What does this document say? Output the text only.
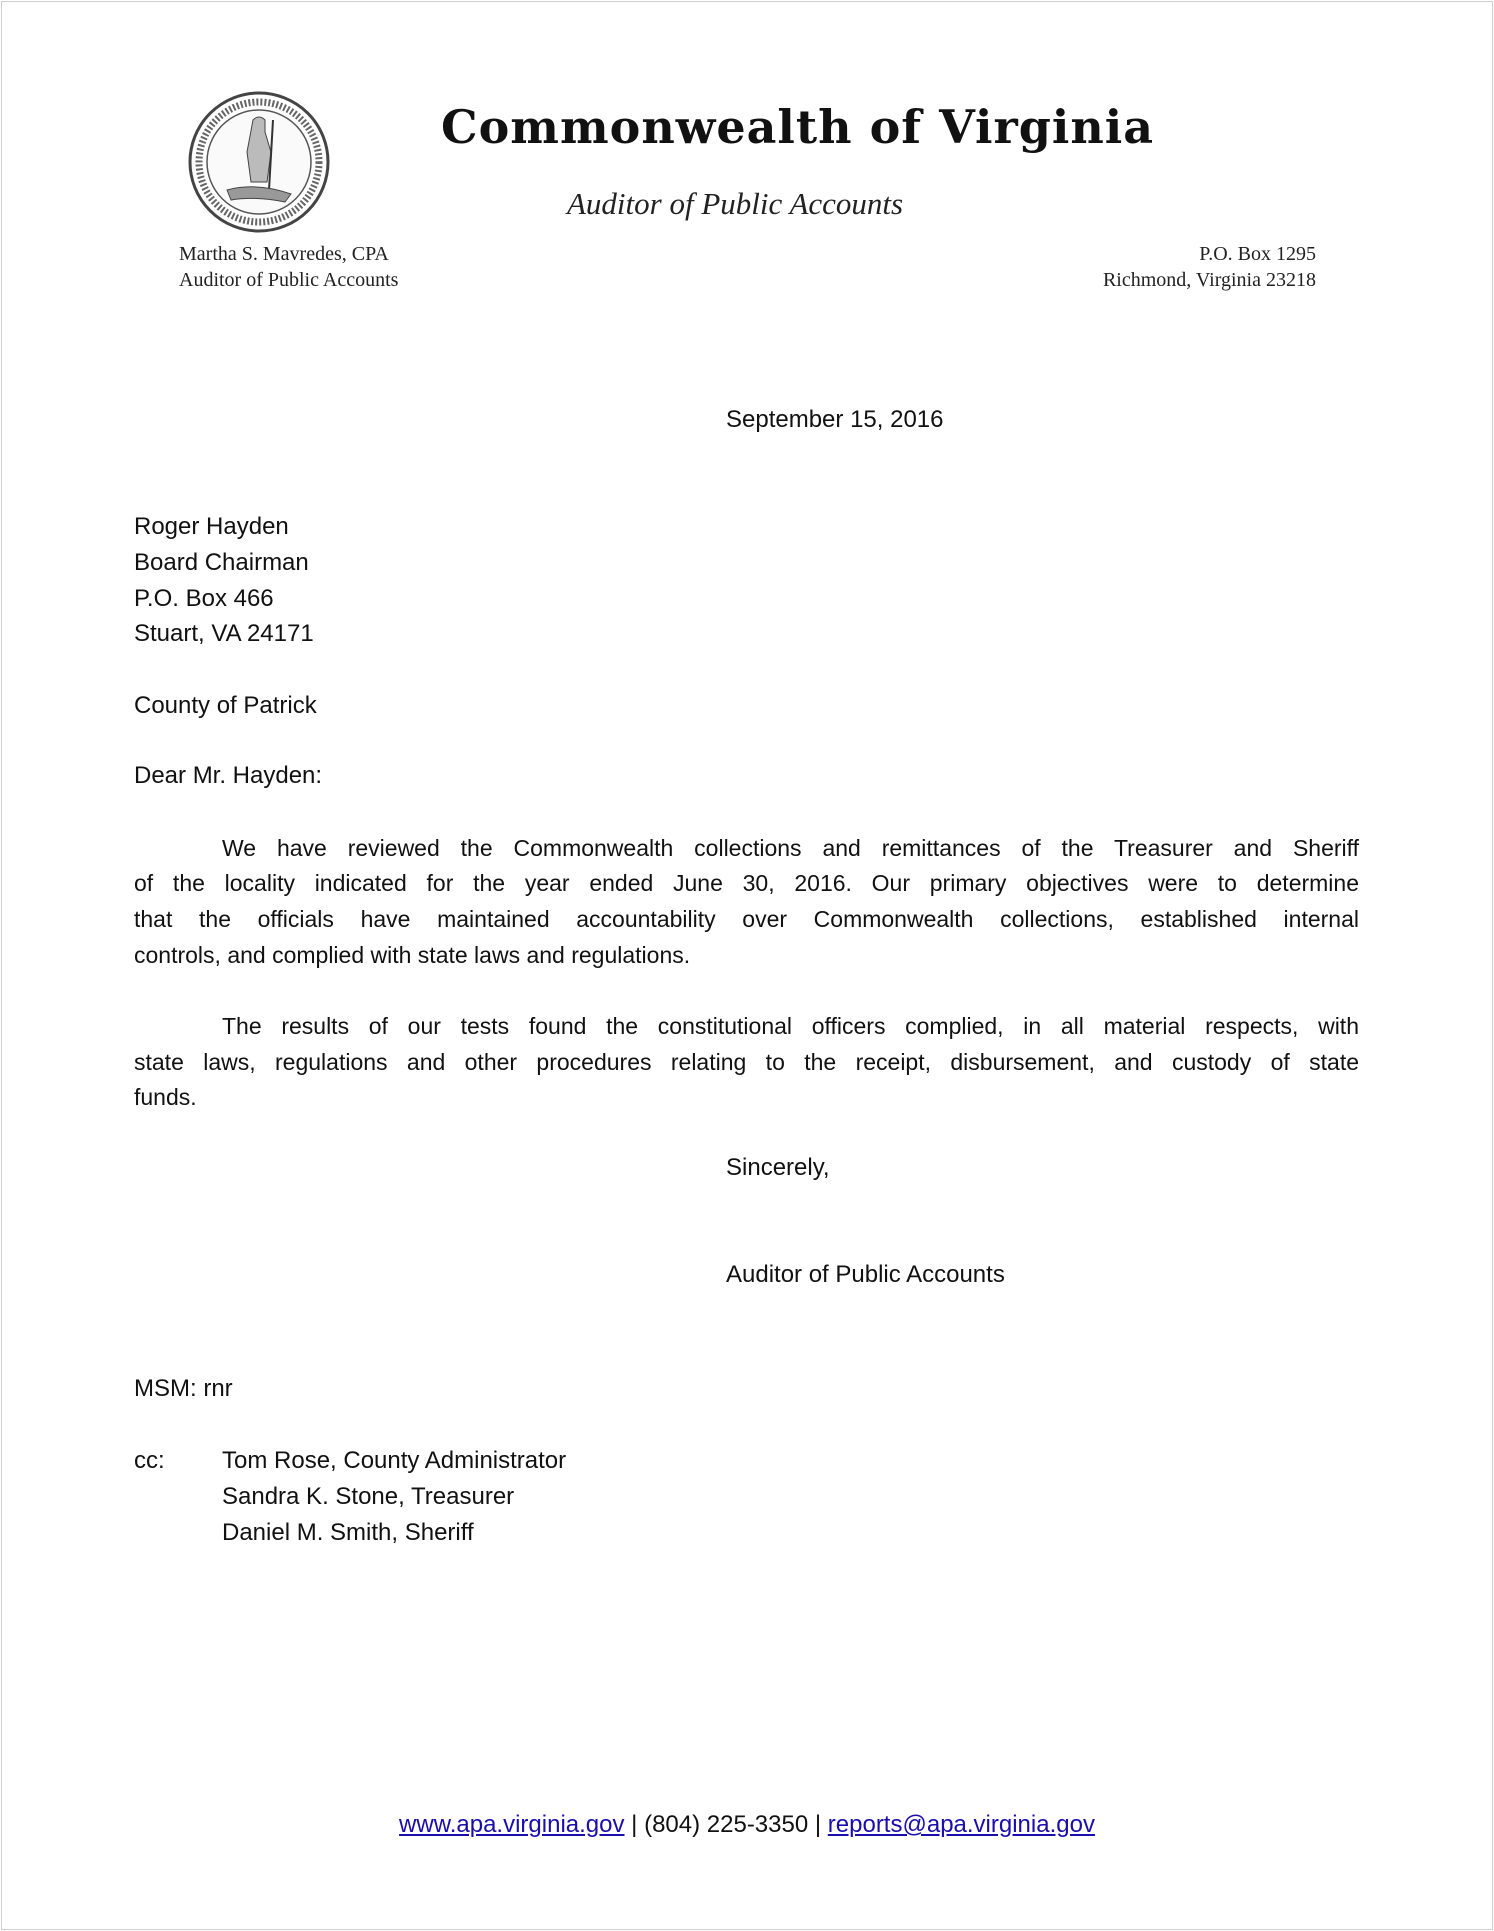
Commonwealth of Virginia
Auditor of Public Accounts
Martha S. Mavredes, CPA
Auditor of Public Accounts
P.O. Box 1295
Richmond, Virginia 23218
September 15, 2016
Roger Hayden
Board Chairman
P.O. Box 466
Stuart, VA 24171
County of Patrick
Dear Mr. Hayden:
We have reviewed the Commonwealth collections and remittances of the Treasurer and Sheriff
of the locality indicated for the year ended June 30, 2016. Our primary objectives were to determine
that the officials have maintained accountability over Commonwealth collections, established internal
controls, and complied with state laws and regulations.
The results of our tests found the constitutional officers complied, in all material respects, with
state laws, regulations and other procedures relating to the receipt, disbursement, and custody of state
funds.
Sincerely,
Auditor of Public Accounts
MSM: rnr
cc: Tom Rose, County Administrator
Sandra K. Stone, Treasurer
Daniel M. Smith, Sheriff
www.apa.virginia.gov | (804) 225-3350 | reports@apa.virginia.gov
